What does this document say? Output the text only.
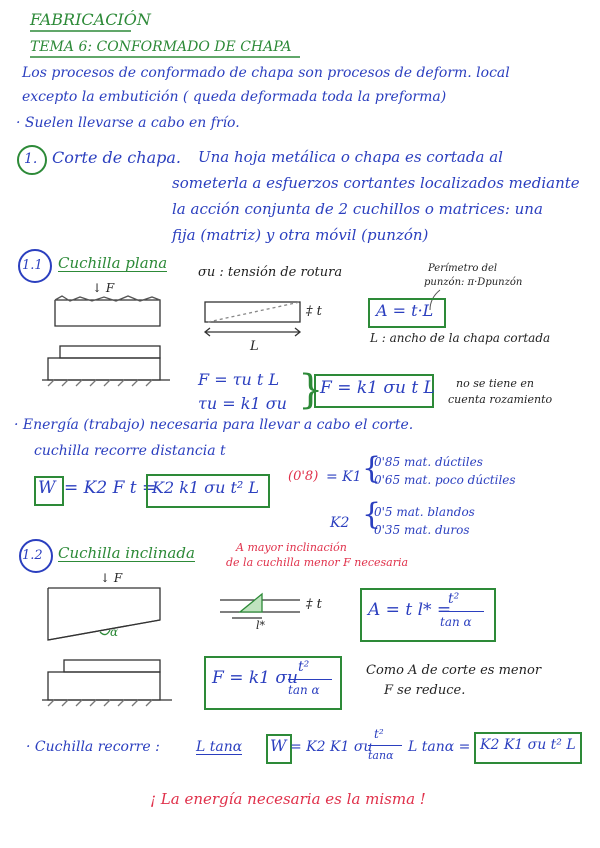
FABRICACIÓN
TEMA 6: CONFORMADO DE CHAPA
Los procesos de conformado de chapa son procesos de deform. local
excepto la embutición ( queda deformada toda la preforma)
· Suelen llevarse a cabo en frío.
1. Corte de chapa. Una hoja metálica o chapa es cortada al
someterla a esfuerzos cortantes localizados mediante
la acción conjunta de 2 cuchillos o matrices: una
fija (matriz) y otra móvil (punzón)
1.1 Cuchilla plana
↓ F
σu : tensión de rotura	Perímetro del
punzón: π·Dpunzón
‡ t
L
A = t·L
L : ancho de la chapa cortada
F = τu t L
τu = k1 σu }
F = k1 σu t L no se tiene en
cuenta rozamiento
· Energía (trabajo) necesaria para llevar a cabo el corte.
cuchilla recorre distancia t
W = K2 F t =
K2 k1 σu t² L
(0'8) = K1 {
0'85 mat. dúctiles
0'65 mat. poco dúctiles
K2 {
0'5 mat. blandos
0'35 mat. duros
1.2 Cuchilla inclinada	A mayor inclinación
de la cuchilla menor F necesaria
↓ F
α
‡ t
l*
A = t l* =
t²
tan α
F = k1 σu
t²
tan α
Como A de corte es menor
F se reduce.
· Cuchilla recorre :	L tanα W = K2 K1 σu
t²
tanα
L tanα = K2 K1 σu t² L
¡ La energía necesaria es la misma !
